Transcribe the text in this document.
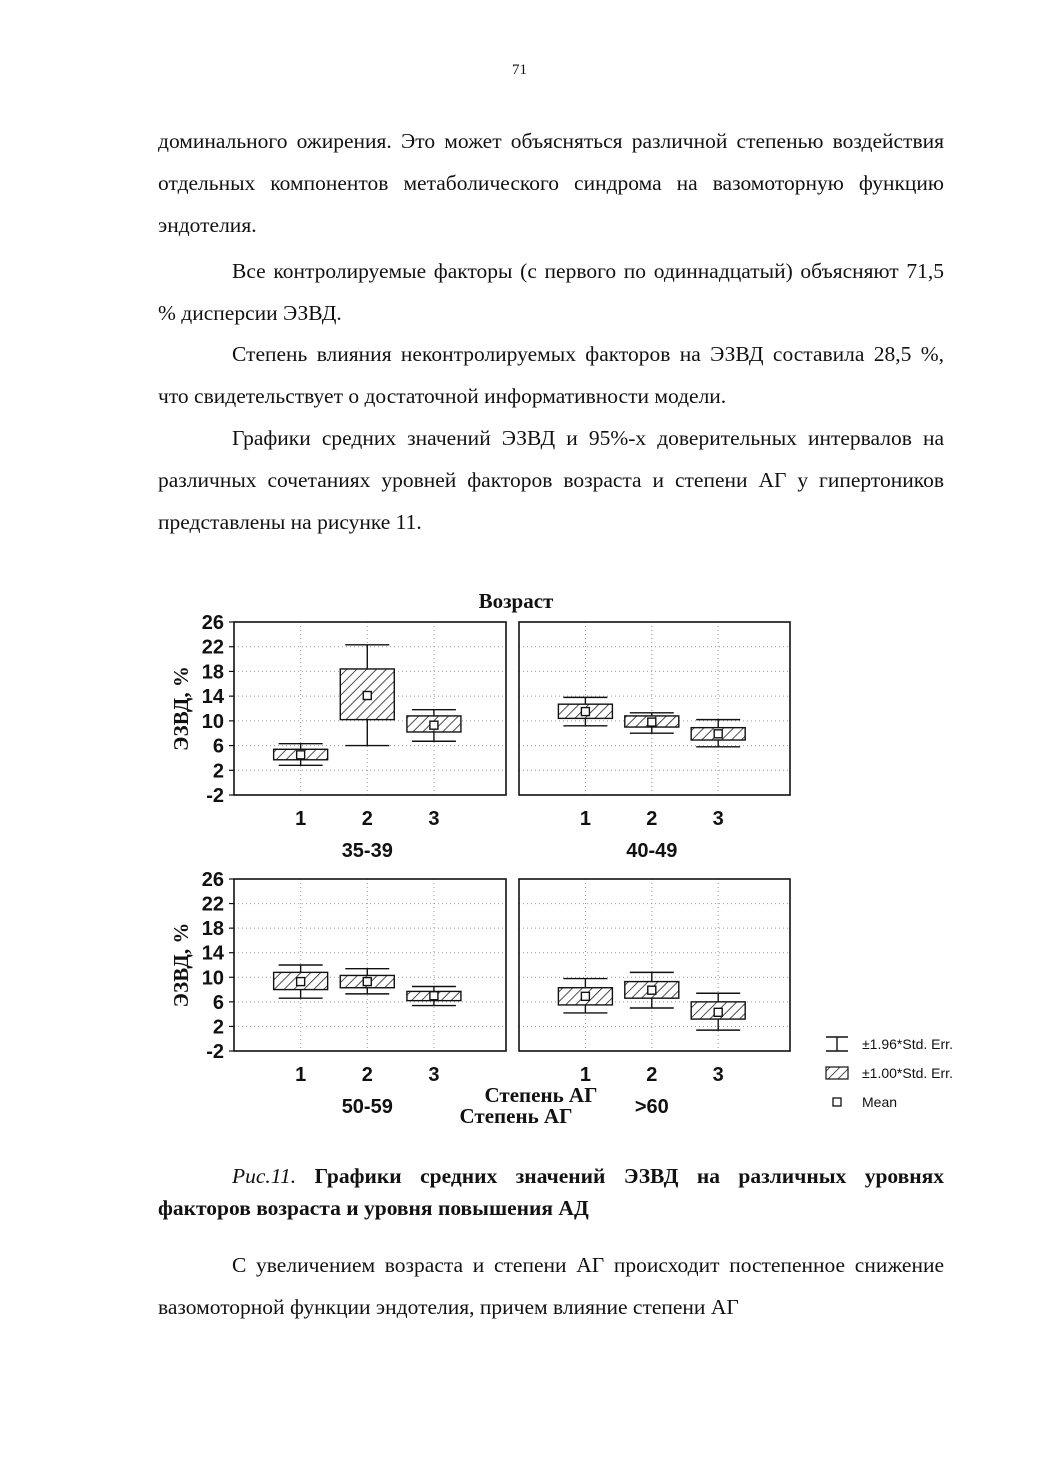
71

доминального ожирения. Это может объясняться различной степенью воздействия отдельных компонентов метаболического синдрома на вазомоторную функцию эндотелия.

Все контролируемые факторы (с первого по одиннадцатый) объясняют 71,5 % дисперсии ЭЗВД.

Степень влияния неконтролируемых факторов на ЭЗВД составила 28,5 %, что свидетельствует о достаточной информативности модели.

Графики средних значений ЭЗВД и 95%-х доверительных интервалов на различных сочетаниях уровней факторов возраста и степени АГ у гипертоников представлены на рисунке 11.

Возраст
-2
2
6
10
14
18
22
26
ЭЗВД, %
1	2	3
35-39
1	2	3
40-49
-2
2
6
10
14
18
22
26
ЭЗВД, %
1	2	3
50-59
1	2	3
>60
Степень АГ
Степень АГ
±1.96*Std. Err.
±1.00*Std. Err.
Mean

Рис.11. Графики средних значений ЭЗВД на различных уровнях факторов возраста и уровня повышения АД

С увеличением возраста и степени АГ происходит постепенное снижение вазомоторной функции эндотелия, причем влияние степени АГ
